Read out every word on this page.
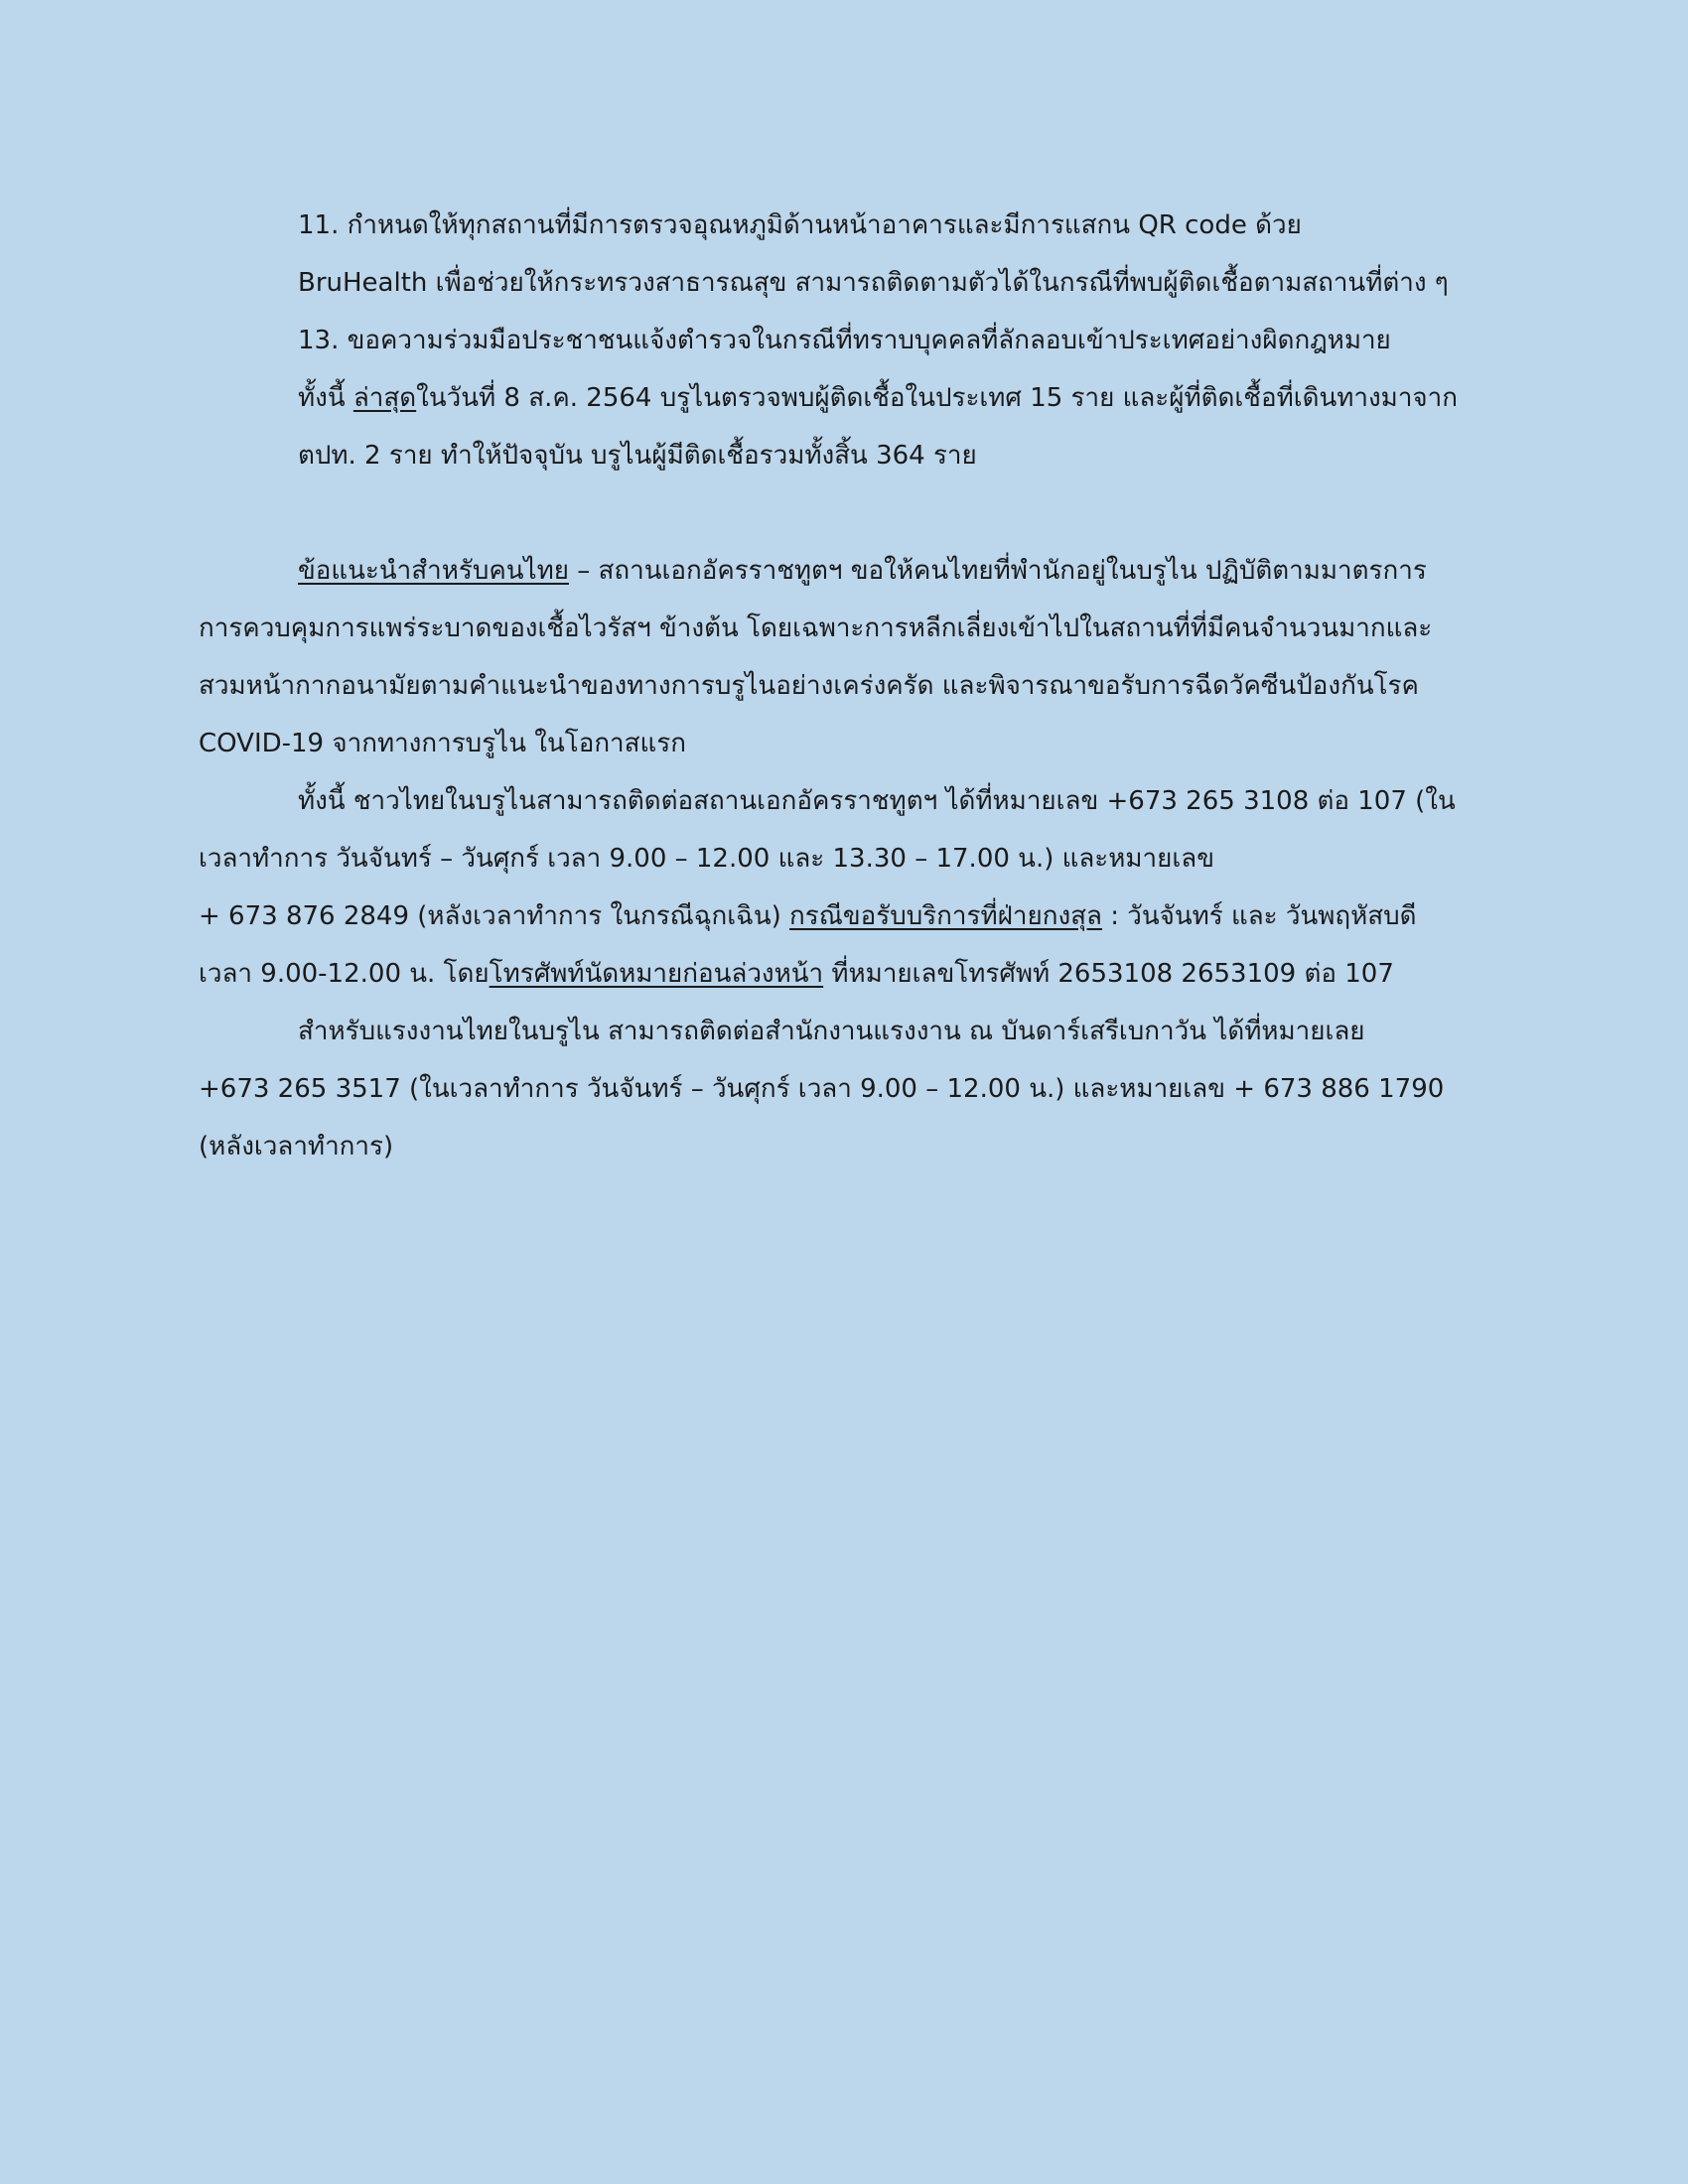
11. กำหนดให้ทุกสถานที่มีการตรวจอุณหภูมิด้านหน้าอาคารและมีการแสกน QR code ด้วย
BruHealth เพื่อช่วยให้กระทรวงสาธารณสุข สามารถติดตามตัวได้ในกรณีที่พบผู้ติดเชื้อตามสถานที่ต่าง ๆ
13. ขอความร่วมมือประชาชนแจ้งตำรวจในกรณีที่ทราบบุคคลที่ลักลอบเข้าประเทศอย่างผิดกฎหมาย
ทั้งนี้ ล่าสุดในวันที่ 8 ส.ค. 2564 บรูไนตรวจพบผู้ติดเชื้อในประเทศ 15 ราย และผู้ที่ติดเชื้อที่เดินทางมาจาก
ตปท. 2 ราย ทำให้ปัจจุบัน บรูไนผู้มีติดเชื้อรวมทั้งสิ้น 364 ราย
ข้อแนะนำสำหรับคนไทย – สถานเอกอัครราชทูตฯ ขอให้คนไทยที่พำนักอยู่ในบรูไน ปฏิบัติตามมาตรการ
การควบคุมการแพร่ระบาดของเชื้อไวรัสฯ ข้างต้น โดยเฉพาะการหลีกเลี่ยงเข้าไปในสถานที่ที่มีคนจำนวนมากและ
สวมหน้ากากอนามัยตามคำแนะนำของทางการบรูไนอย่างเคร่งครัด และพิจารณาขอรับการฉีดวัคซีนป้องกันโรค
COVID-19 จากทางการบรูไน ในโอกาสแรก
ทั้งนี้ ชาวไทยในบรูไนสามารถติดต่อสถานเอกอัครราชทูตฯ ได้ที่หมายเลข +673 265 3108 ต่อ 107 (ใน
เวลาทำการ วันจันทร์ – วันศุกร์ เวลา 9.00 – 12.00 และ 13.30 – 17.00 น.) และหมายเลข
+ 673 876 2849 (หลังเวลาทำการ ในกรณีฉุกเฉิน) กรณีขอรับบริการที่ฝ่ายกงสุล : วันจันทร์ และ วันพฤหัสบดี
เวลา 9.00-12.00 น. โดยโทรศัพท์นัดหมายก่อนล่วงหน้า ที่หมายเลขโทรศัพท์ 2653108 2653109 ต่อ 107
สำหรับแรงงานไทยในบรูไน สามารถติดต่อสำนักงานแรงงาน ณ บันดาร์เสรีเบกาวัน ได้ที่หมายเลย
+673 265 3517 (ในเวลาทำการ วันจันทร์ – วันศุกร์ เวลา 9.00 – 12.00 น.) และหมายเลข + 673 886 1790
(หลังเวลาทำการ)
